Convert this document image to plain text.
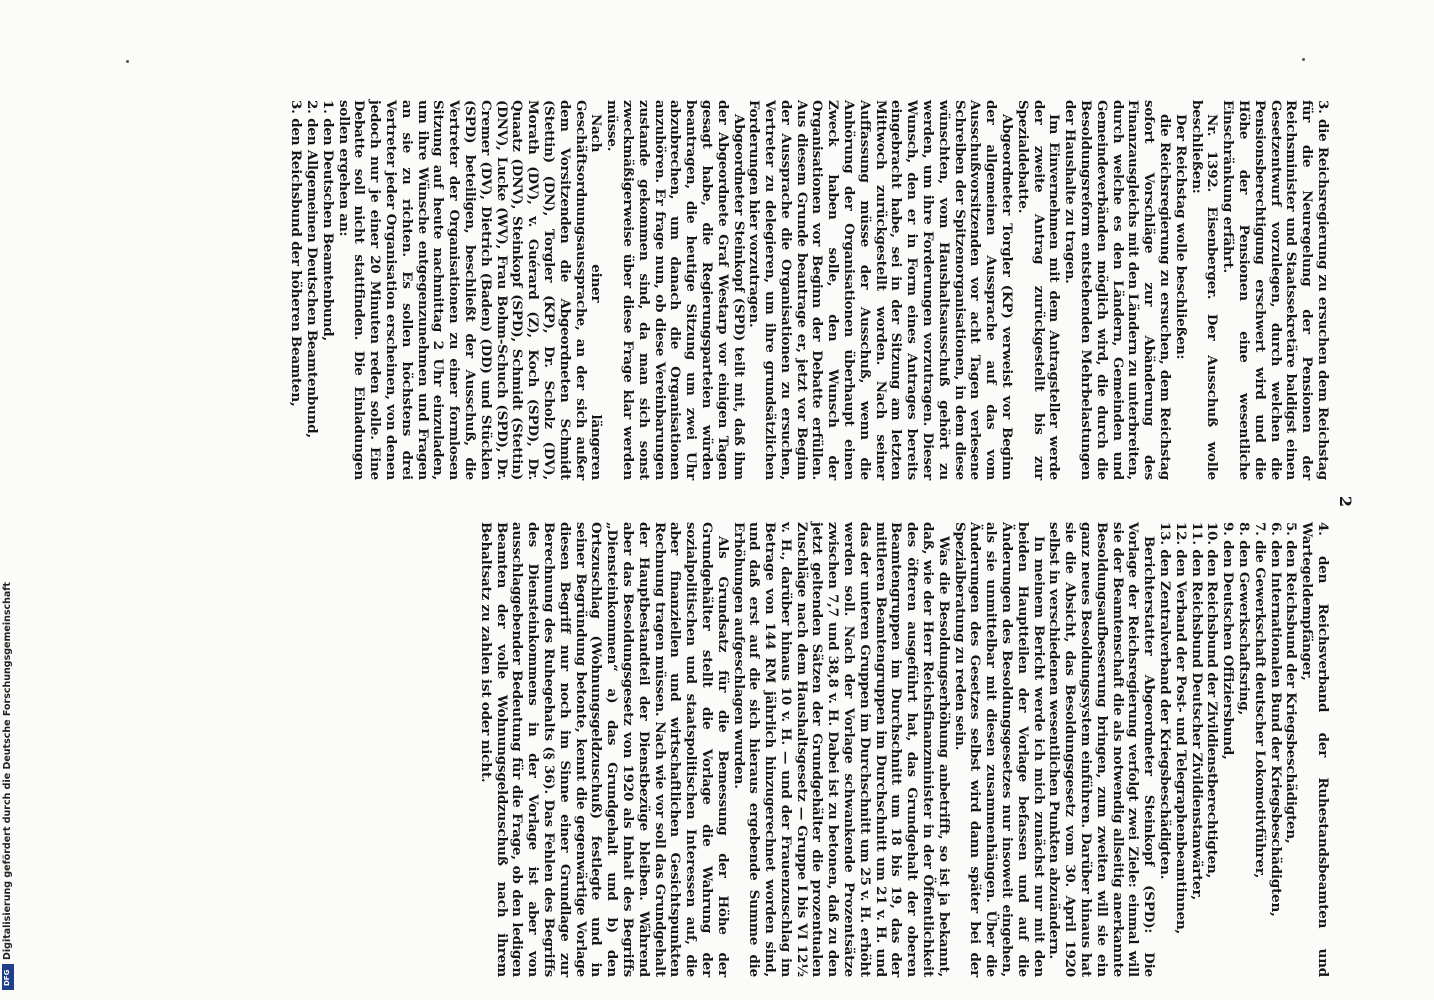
3. die Reichsregierung zu ersuchen dem Reichstag für die Neuregelung der Pensionen der Reichsminister und Staatssekretäre baldigst einen Gesetzentwurf vorzulegen, durch welchen die Pensionsberechtigung erschwert wird und die Höhe der Pensionen eine wesentliche Einschränkung erfährt.

Nr. 1392. Eisenberger. Der Ausschuß wolle beschließen:

Der Reichstag wolle beschließen:

die Reichsregierung zu ersuchen, dem Reichstag sofort Vorschläge zur Abänderung des Finanzausgleichs mit den Ländern zu unterbreiten, durch welche es den Ländern, Gemeinden und Gemeindeverbänden möglich wird, die durch die Besoldungsreform entstehenden Mehrbelastungen der Haushalte zu tragen.

Im Einvernehmen mit dem Antragsteller werde der zweite Antrag zurückgestellt bis zur Spezialdebatte.

Abgeordneter Torgler (KP) verweist vor Beginn der allgemeinen Aussprache auf das vom Ausschußvorsitzenden vor acht Tagen verlesene Schreiben der Spitzenorganisationen, in dem diese wünschten, vom Haushaltsausschuß gehört zu werden, um ihre Forderungen vorzutragen. Dieser Wunsch, den er in Form eines Antrages bereits eingebracht habe, sei in der Sitzung am letzten Mittwoch zurückgestellt worden. Nach seiner Auffassung müsse der Ausschuß, wenn die Anhörung der Organisationen überhaupt einen Zweck haben solle, den Wunsch der Organisationen vor Beginn der Debatte erfüllen. Aus diesem Grunde beantrage er, jetzt vor Beginn der Aussprache die Organisationen zu ersuchen, Vertreter zu delegieren, um ihre grundsätzlichen Forderungen hier vorzutragen.

Abgeordneter Steinkopf (SPD) teilt mit, daß ihm der Abgeordnete Graf Westarp vor einigen Tagen gesagt habe, die Regierungsparteien würden beantragen, die heutige Sitzung um zwei Uhr abzubrechen, um danach die Organisationen anzuhören. Er frage nun, ob diese Vereinbarungen zustande gekommen sind, da man sich sonst zweckmäßigerweise über diese Frage klar werden müsse.

Nach einer längeren Geschäftsordnungsaussprache, an der sich außer dem Vorsitzenden die Abgeordneten Schmidt (Stettin) (DN), Torgler (KP), Dr. Scholz (DV), Morath (DV), v. Guérard (Z), Koch (SPD), Dr. Quaatz (DNV), Steinkopf (SPD), Schmidt (Stettin) (DNV), Lucke (WV), Frau Bohm-Schuch (SPD), Dr. Cremer (DV), Dietrich (Baden) (DD) und Stücklen (SPD) beteiligen, beschließt der Ausschuß, die Vertreter der Organisationen zu einer formlosen Sitzung auf heute nachmittag 2 Uhr einzuladen, um ihre Wünsche entgegenzunehmen und Fragen an sie zu richten. Es sollen höchstens drei Vertreter jeder Organisation erscheinen, von denen jedoch nur je einer 20 Minuten reden solle. Eine Debatte soll nicht stattfinden. Die Einladungen sollen ergehen an:

1. den Deutschen Beamtenbund,

2. den Allgemeinen Deutschen Beamtenbund,

3. den Reichsbund der höheren Beamten,

2

4. den Reichsverband der Ruhestandsbeamten und Wartegeldempfänger,

5. den Reichsbund der Kriegsbeschädigten,

6. den Internationalen Bund der Kriegsbeschädigten,

7. die Gewerkschaft deutscher Lokomotivführer,

8. den Gewerkschaftsring,

9. den Deutschen Offiziersbund,

10. den Reichsbund der Zivildienstberechtigten,

11. den Reichsbund Deutscher Zivildienstanwärter,

12. den Verband der Post- und Telegraphenbeamtinnen,

13. den Zentralverband der Kriegsbeschädigten.

Berichterstatter Abgeordneter Steinkopf (SPD): Die Vorlage der Reichsregierung verfolgt zwei Ziele: einmal will sie der Beamtenschaft die als notwendig allseitig anerkannte Besoldungsaufbesserung bringen, zum zweiten will sie ein ganz neues Besoldungssystem einführen. Darüber hinaus hat sie die Absicht, das Besoldungsgesetz vom 30. April 1920 selbst in verschiedenen wesentlichen Punkten abzuändern.

In meinem Bericht werde ich mich zunächst nur mit den beiden Hauptteilen der Vorlage befassen und auf die Änderungen des Besoldungsgesetzes nur insoweit eingehen, als sie unmittelbar mit diesen zusammenhängen. Über die Änderungen des Gesetzes selbst wird dann später bei der Spezialberatung zu reden sein.

Was die Besoldungserhöhung anbetrifft, so ist ja bekannt, daß, wie der Herr Reichsfinanzminister in der Öffentlichkeit des öfteren ausgeführt hat, das Grundgehalt der oberen Beamtengruppen im Durchschnitt um 18 bis 19, das der mittleren Beamtengruppen im Durchschnitt um 21 v. H. und das der unteren Gruppen im Durchschnitt um 25 v. H. erhöht werden soll. Nach der Vorlage schwankende Prozentsätze zwischen 7,7 und 38,8 v. H. Dabei ist zu betonen, daß zu den jetzt geltenden Sätzen der Grundgehälter die prozentualen Zuschläge nach dem Haushaltsgesetz — Gruppe I bis VI 12½ v. H., darüber hinaus 10 v. H. — und der Frauenzuschlag im Betrage von 144 RM jährlich hinzugerechnet worden sind, und daß erst auf die sich hieraus ergebende Summe die Erhöhungen aufgeschlagen wurden.

Als Grundsatz für die Bemessung der Höhe der Grundgehälter stellt die Vorlage die Wahrung der sozialpolitischen und staatspolitischen Interessen auf, die aber finanziellen und wirtschaftlichen Gesichtspunkten Rechnung tragen müssen. Nach wie vor soll das Grundgehalt der Hauptbestandteil der Dienstbezüge bleiben. Während aber das Besoldungsgesetz von 1920 als Inhalt des Begriffs „Diensteinkommen“ a) das Grundgehalt und b) den Ortszuschlag (Wohnungsgeldzuschuß) festlegte und in seiner Begründung betonte, kennt die gegenwärtige Vorlage diesen Begriff nur noch im Sinne einer Grundlage zur Berechnung des Ruhegehalts (§ 36). Das Fehlen des Begriffs des Diensteinkommens in der Vorlage ist aber von ausschlaggebender Bedeutung für die Frage, ob den ledigen Beamten der volle Wohnungsgeldzuschuß nach ihrem Behaltsatz zu zahlen ist oder nicht.

Digitalisierung gefördert durch die Deutsche Forschungsgemeinschaft
DFG
